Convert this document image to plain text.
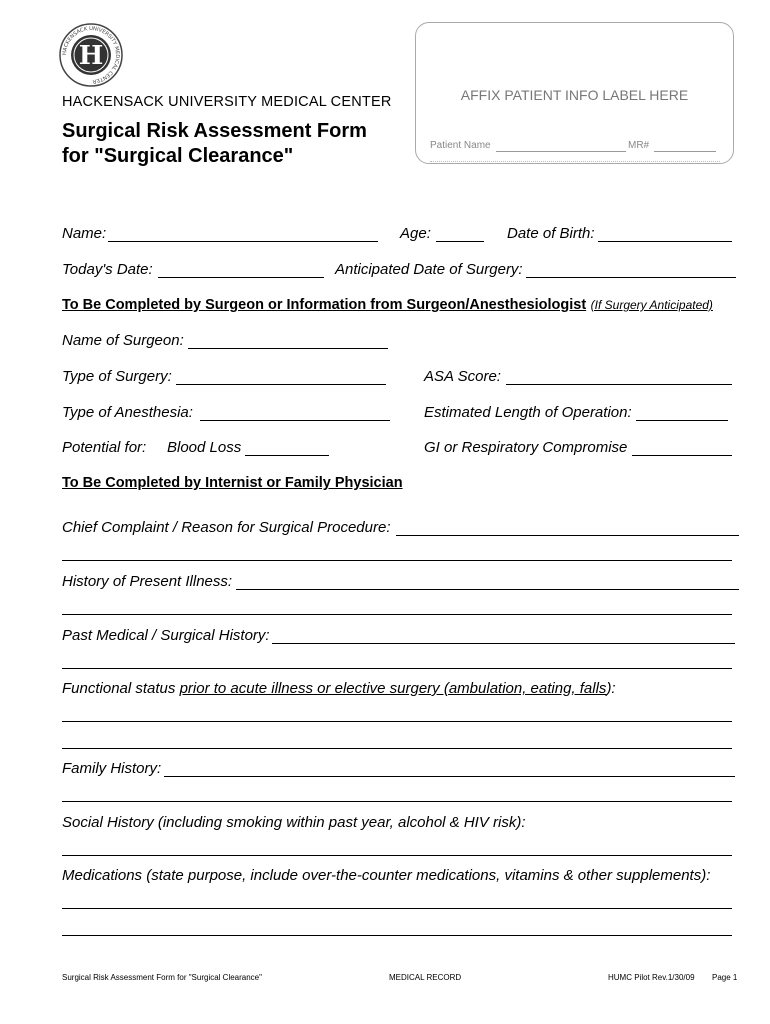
HACKENSACK UNIVERSITY MEDICAL CENTER
H
HACKENSACK UNIVERSITY MEDICAL CENTER
Surgical Risk Assessment Form
for "Surgical Clearance"
AFFIX PATIENT INFO LABEL HERE
Patient Name	MR#
Name:	Age:	Date of Birth:
Today's Date:	Anticipated Date of Surgery:
To Be Completed by Surgeon or Information from Surgeon/Anesthesiologist (If Surgery Anticipated)
Name of Surgeon:
Type of Surgery:	ASA Score:
Type of Anesthesia:	Estimated Length of Operation:
Potential for: Blood Loss	GI or Respiratory Compromise
To Be Completed by Internist or Family Physician
Chief Complaint / Reason for Surgical Procedure:
History of Present Illness:
Past Medical / Surgical History:
Functional status prior to acute illness or elective surgery (ambulation, eating, falls):
Family History:
Social History (including smoking within past year, alcohol & HIV risk):
Medications (state purpose, include over-the-counter medications, vitamins & other supplements):
Surgical Risk Assessment Form for "Surgical Clearance"	MEDICAL RECORD	HUMC Pilot Rev.1/30/09 Page 1
